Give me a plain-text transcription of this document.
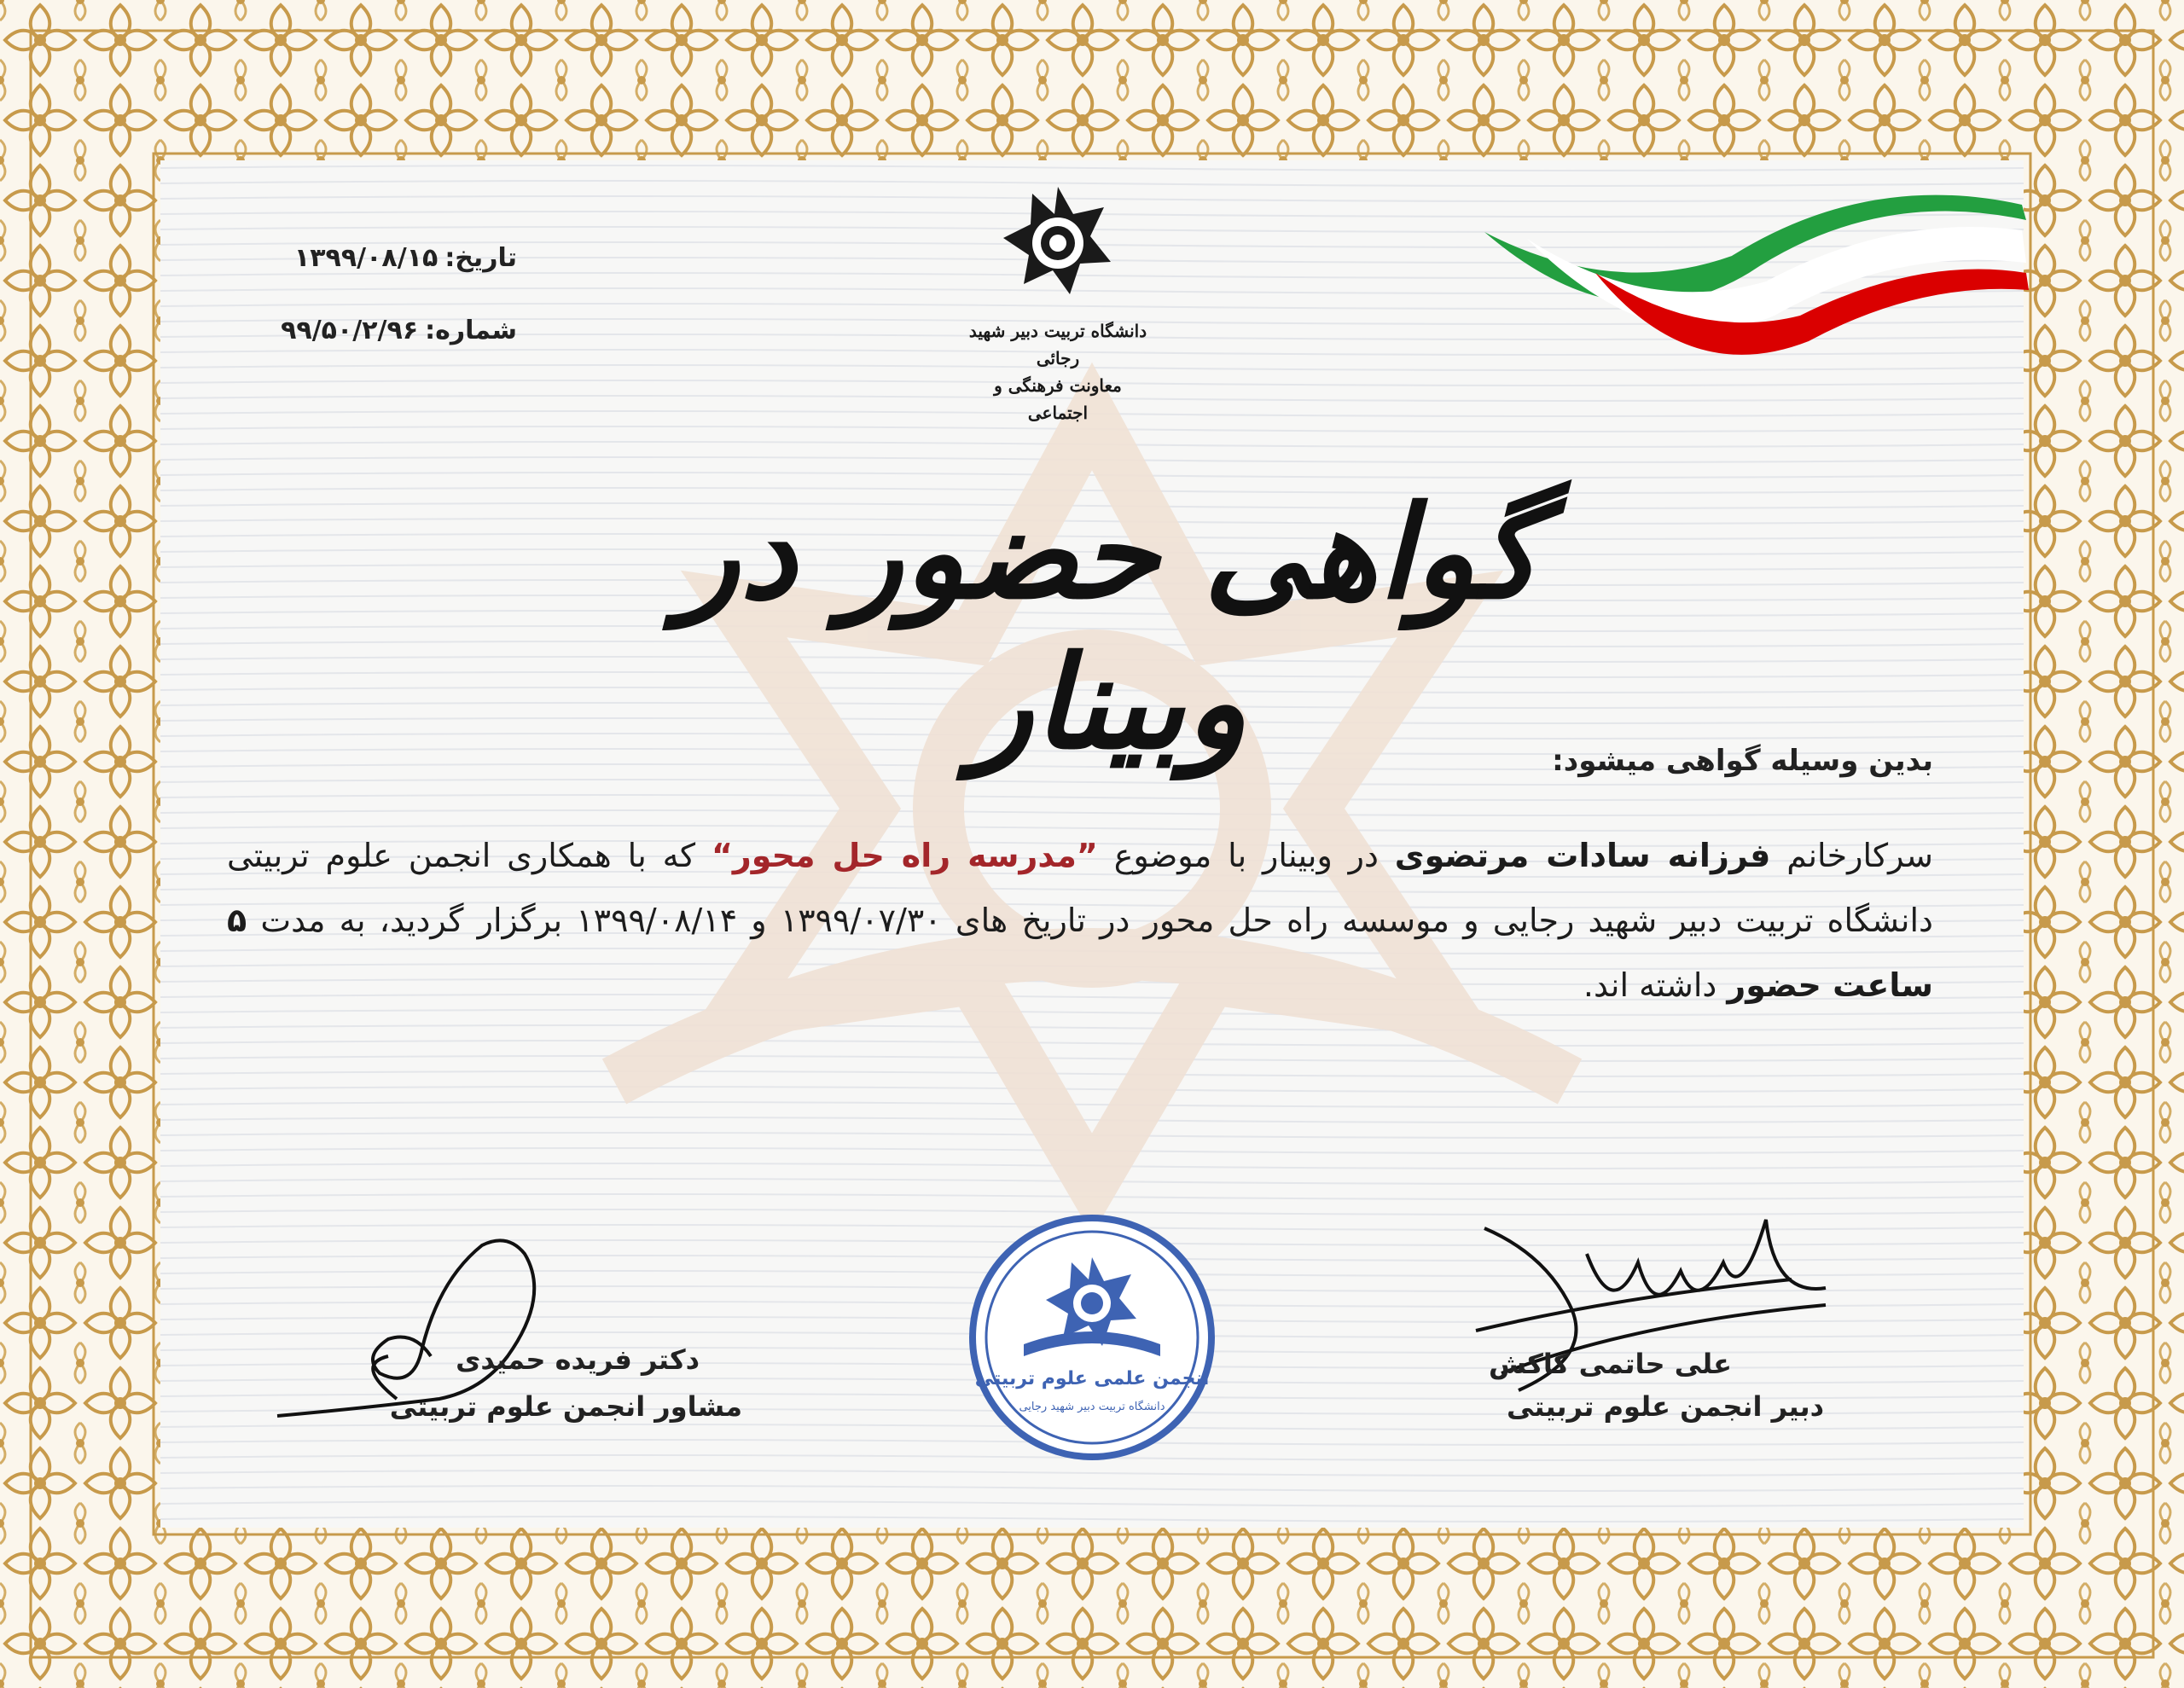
دانشگاه تربیت دبیر شهید رجائی
معاونت فرهنگی و اجتماعی
تاریخ:۱۳۹۹/۰۸/۱۵
شماره:۹۹/۵۰/۲/۹۶
گواهی حضور در وبینار	بدین وسیله گواهی میشود:
سرکارخانم فرزانه سادات مرتضوی در وبینار با موضوع ”مدرسه راه حل محور“ که با همکاری انجمن علوم تربیتی دانشگاه تربیت دبیر شهید رجایی و موسسه راه حل محور در تاریخ های ۱۳۹۹/۰۷/۳۰ و ۱۳۹۹/۰۸/۱۴ برگزار گردید، به مدت ۵ ساعت حضور داشته اند.
دکتر فریده حمیدی
مشاور انجمن علوم تربیتی
علی حاتمی کاکش
دبیر انجمن علوم تربیتی
انجمن علمی علوم تربیتی
دانشگاه تربیت دبیر شهید رجایی
